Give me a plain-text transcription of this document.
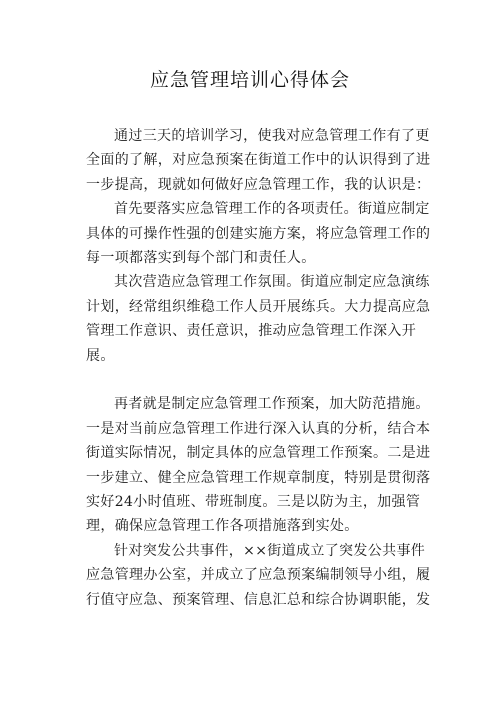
应急管理培训心得体会

通过三天的培训学习，使我对应急管理工作有了更全面的了解，对应急预案在街道工作中的认识得到了进一步提高，现就如何做好应急管理工作，我的认识是：

首先要落实应急管理工作的各项责任。街道应制定具体的可操作性强的创建实施方案，将应急管理工作的每一项都落实到每个部门和责任人。

其次营造应急管理工作氛围。街道应制定应急演练计划，经常组织维稳工作人员开展练兵。大力提高应急管理工作意识、责任意识，推动应急管理工作深入开展。

再者就是制定应急管理工作预案，加大防范措施。一是对当前应急管理工作进行深入认真的分析，结合本街道实际情况，制定具体的应急管理工作预案。二是进一步建立、健全应急管理工作规章制度，特别是贯彻落实好24小时值班、带班制度。三是以防为主，加强管理，确保应急管理工作各项措施落到实处。

针对突发公共事件，××街道成立了突发公共事件应急管理办公室，并成立了应急预案编制领导小组，履行值守应急、预案管理、信息汇总和综合协调职能，发
